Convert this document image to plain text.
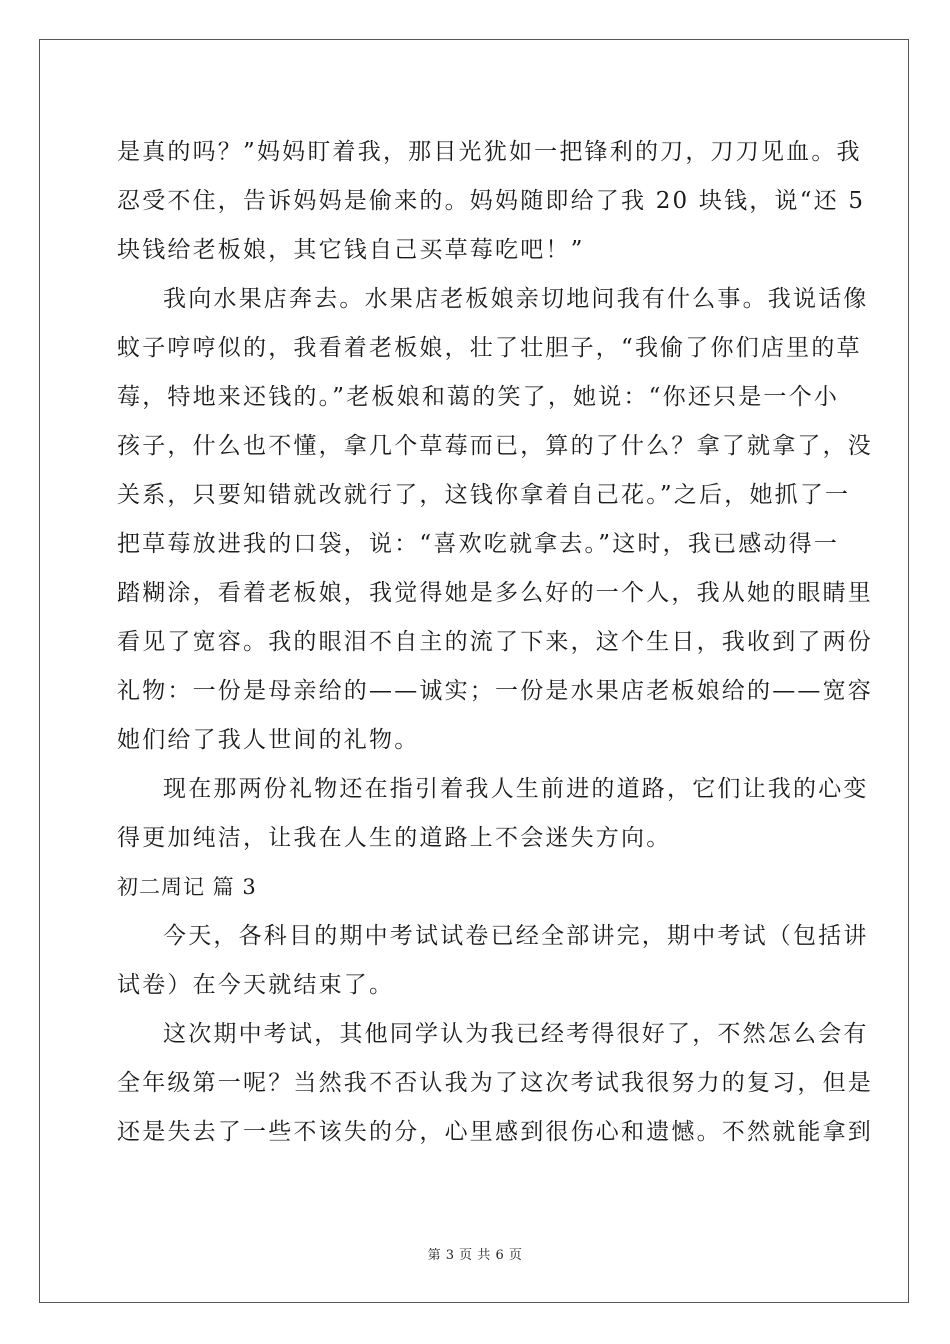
是真的吗？”妈妈盯着我，那目光犹如一把锋利的刀，刀刀见血。我
忍受不住，告诉妈妈是偷来的。妈妈随即给了我 20 块钱，说“还 5
块钱给老板娘，其它钱自己买草莓吃吧！”
我向水果店奔去。水果店老板娘亲切地问我有什么事。我说话像
蚊子哼哼似的，我看着老板娘，壮了壮胆子，“我偷了你们店里的草
莓，特地来还钱的。”老板娘和蔼的笑了，她说：“你还只是一个小
孩子，什么也不懂，拿几个草莓而已，算的了什么？拿了就拿了，没
关系，只要知错就改就行了，这钱你拿着自己花。”之后，她抓了一
把草莓放进我的口袋，说：“喜欢吃就拿去。”这时，我已感动得一
踏糊涂，看着老板娘，我觉得她是多么好的一个人，我从她的眼睛里
看见了宽容。我的眼泪不自主的流了下来，这个生日，我收到了两份
礼物：一份是母亲给的——诚实；一份是水果店老板娘给的——宽容
她们给了我人世间的礼物。
现在那两份礼物还在指引着我人生前进的道路，它们让我的心变
得更加纯洁，让我在人生的道路上不会迷失方向。
初二周记 篇 3
今天，各科目的期中考试试卷已经全部讲完，期中考试（包括讲
试卷）在今天就结束了。
这次期中考试，其他同学认为我已经考得很好了，不然怎么会有
全年级第一呢？当然我不否认我为了这次考试我很努力的复习，但是
还是失去了一些不该失的分，心里感到很伤心和遗憾。不然就能拿到
第 3 页 共 6 页
